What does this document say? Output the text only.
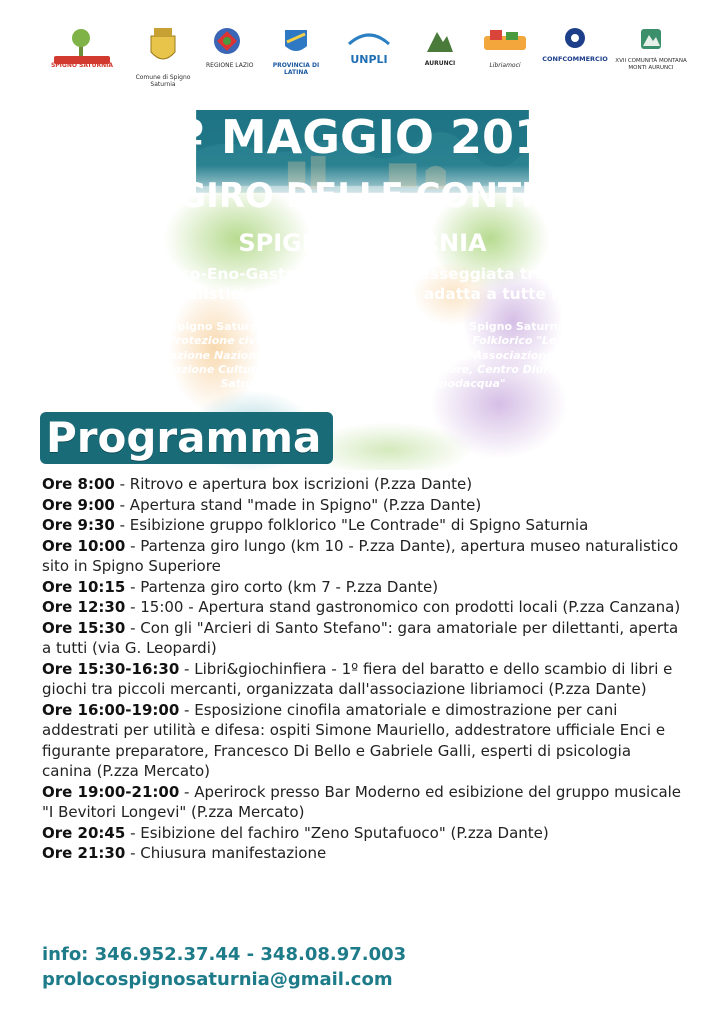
SPIGNO SATURNIA
Comune di Spigno Saturnia
REGIONE LAZIO	PROVINCIA DI LATINA
UNPLI	AURUNCI	Libriamoci
CONFCOMMERCIO	XVII COMUNITÀ MONTANA MONTI AURUNCI
1º MAGGIO 2018
36º GIRO DELLE CONTRADE
SPIGNO SATURNIA
Manifestazione Eco-Eno-Gastronomica con passeggiata tra i paesaggi rurali e naturalistici di Spigno Saturnia, adatta a tutte le età
Associazione Pro Loco Spigno Saturnia con il Patrocinio del Comune di Spigno Saturnia ed in collaborazione con: Associazione di Protezione civile "Angeli dell'Ambiente", Gruppo Folklorico "Le Contrade", Arcieri di Santo Stefano, Associazione Nazionale Carabinieri di Spigno Saturnia, Associazione Rio Conca, Parrocchie Spigno Saturnia, Associazione Culturale e Sportiva di Spigno Superiore, Centro Diurno per anziani di Spigno Saturnia, Associazione "Amici di Capodacqua"
Programma

Ore 8:00 - Ritrovo e apertura box iscrizioni (P.zza Dante)

Ore 9:00 - Apertura stand "made in Spigno" (P.zza Dante)

Ore 9:30 - Esibizione gruppo folklorico "Le Contrade" di Spigno Saturnia

Ore 10:00 - Partenza giro lungo (km 10 - P.zza Dante), apertura museo naturalistico sito in Spigno Superiore

Ore 10:15 - Partenza giro corto (km 7 - P.zza Dante)

Ore 12:30 - 15:00 - Apertura stand gastronomico con prodotti locali (P.zza Canzana)

Ore 15:30 - Con gli "Arcieri di Santo Stefano": gara amatoriale per dilettanti, aperta a tutti (via G. Leopardi)

Ore 15:30-16:30 - Libri&giochinfiera - 1º fiera del baratto e dello scambio di libri e giochi tra piccoli mercanti, organizzata dall'associazione libriamoci (P.zza Dante)

Ore 16:00-19:00 - Esposizione cinofila amatoriale e dimostrazione per cani addestrati per utilità e difesa: ospiti Simone Mauriello, addestratore ufficiale Enci e figurante preparatore, Francesco Di Bello e Gabriele Galli, esperti di psicologia canina (P.zza Mercato)

Ore 19:00-21:00 - Aperirock presso Bar Moderno ed esibizione del gruppo musicale "I Bevitori Longevi" (P.zza Mercato)

Ore 20:45 - Esibizione del fachiro "Zeno Sputafuoco" (P.zza Dante)

Ore 21:30 - Chiusura manifestazione

info: 346.952.37.44 - 348.08.97.003
prolocospignosaturnia@gmail.com
